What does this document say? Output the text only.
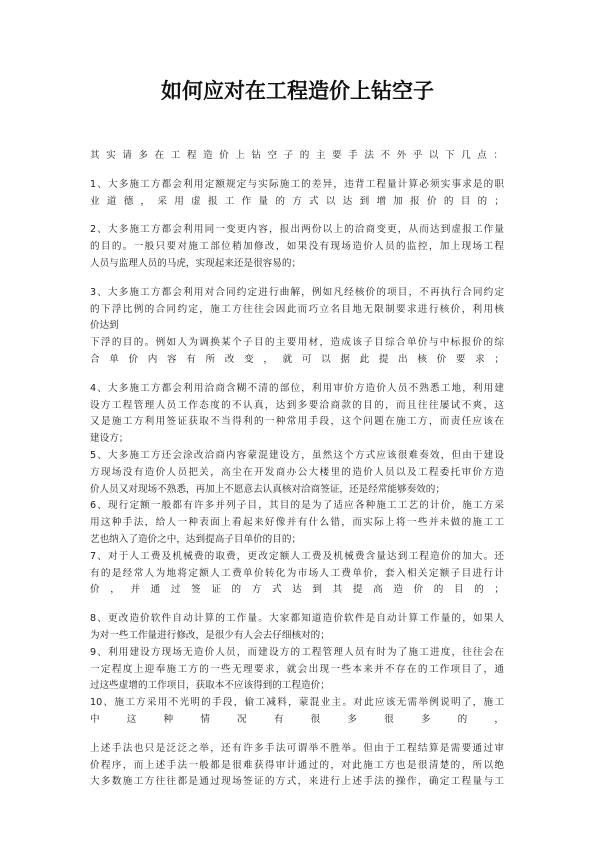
如何应对在工程造价上钻空子

其实请多在工程造价上钻空子的主要手法不外乎以下几点：

1、大多施工方都会利用定额规定与实际施工的差异，违背工程量计算必须实事求是的职
业道德，采用虚报工作量的方式以达到增加报价的目的；
2、大多施工方都会利用同一变更内容，报出两份以上的洽商变更，从而达到虚报工作量
的目的。一般只要对施工部位稍加修改，如果没有现场造价人员的监控，加上现场工程
人员与监理人员的马虎，实现起来还是很容易的；
3、大多施工方都会利用对合同约定进行曲解，例如凡经核价的项目，不再执行合同约定
的下浮比例的合同约定，施工方往往会因此而巧立名目地无限制要求进行核价，利用核
价达到
下浮的目的。例如人为调换某个子目的主要用材，造成该子目综合单价与中标报价的综
合单价内容有所改变，就可以据此提出核价要求；
4、大多施工方都会利用洽商含糊不清的部位，利用审价方造价人员不熟悉工地，利用建
设方工程管理人员工作态度的不认真，达到多要洽商款的目的，而且往往屡试不爽，这
又是施工方利用签证获取不当得利的一种常用手段，这个问题在施工方，而责任应该在
建设方；
5、大多施工方还会涂改洽商内容蒙混建设方，虽然这个方式应该很难奏效，但由于建设
方现场没有造价人员把关，高尘在开发商办公大楼里的造价人员以及工程委托审价方造
价人员又对现场不熟悉，再加上不愿意去认真核对洽商签证，还是经常能够奏效的；
6、现行定额一般都有许多并列子目，其目的是为了适应各种施工工艺的计价，施工方采
用这种手法，给人一种表面上看起来好像并有什么错，而实际上将一些并未做的施工工
艺也纳入了造价之中，达到提高子目单价的目的；
7、对于人工费及机械费的取费，更改定额人工费及机械费含量达到工程造价的加大。还
有的是经常人为地将定额人工费单价转化为市场人工费单价，套入相关定额子目进行计
价，并通过签证的方式达到其提高造价的目的；
8、更改造价软件自动计算的工作量。大家都知道造价软件是自动计算工作量的，如果人
为对一些工作量进行修改，是很少有人会去仔细核对的；
9、利用建设方现场无造价人员，而建设方的工程管理人员有时为了施工进度，往往会在
一定程度上迎奉施工方的一些无理要求，就会出现一些本来并不存在的工作项目了，通
过这些虚增的工作项目，获取本不应该得到的工程造价；
10、施工方采用不光明的手段，偷工减料，蒙混业主。对此应该无需举例说明了，施工
中这种情况有很多很多的，
上述手法也只是泛泛之举，还有许多手法可谓举不胜举。但由于工程结算是需要通过审
价程序，而上述手法一般都是很难获得审计通过的，对此施工方也是很清楚的，所以绝
大多数施工方往往都是通过现场签证的方式，来进行上述手法的操作，确定工程量与工
